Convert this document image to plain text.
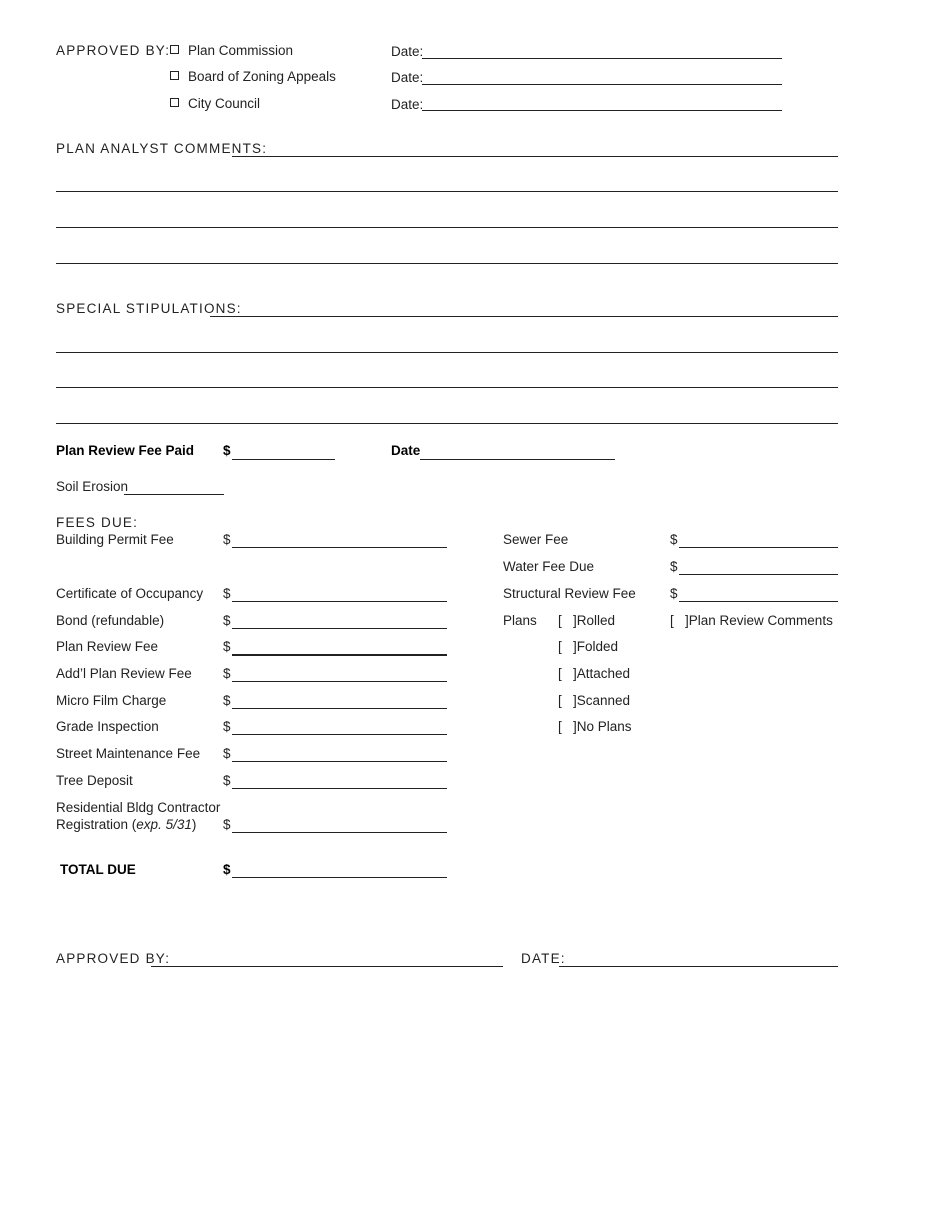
APPROVED BY: Plan Commission	Date:
Board of Zoning Appeals	Date:
City Council	Date:
PLAN ANALYST COMMENTS:
SPECIAL STIPULATIONS:
Plan Review Fee Paid $	Date
Soil Erosion
FEES DUE:
Building Permit Fee	$
Certificate of Occupancy $
Bond (refundable)	$
Plan Review Fee	$
Add’l Plan Review Fee $
Micro Film Charge	$
Grade Inspection	$
Street Maintenance Fee $
Tree Deposit	$
Residential Bldg Contractor
Registration (exp. 5/31) $
TOTAL DUE	$
Sewer Fee	$
Water Fee Due	$
Structural Review Fee	$
Plans [   ]Rolled
[   ]Folded
[   ]Attached
[   ]Scanned
[   ]No Plans
[   ]Plan Review Comments
APPROVED BY:	DATE:
